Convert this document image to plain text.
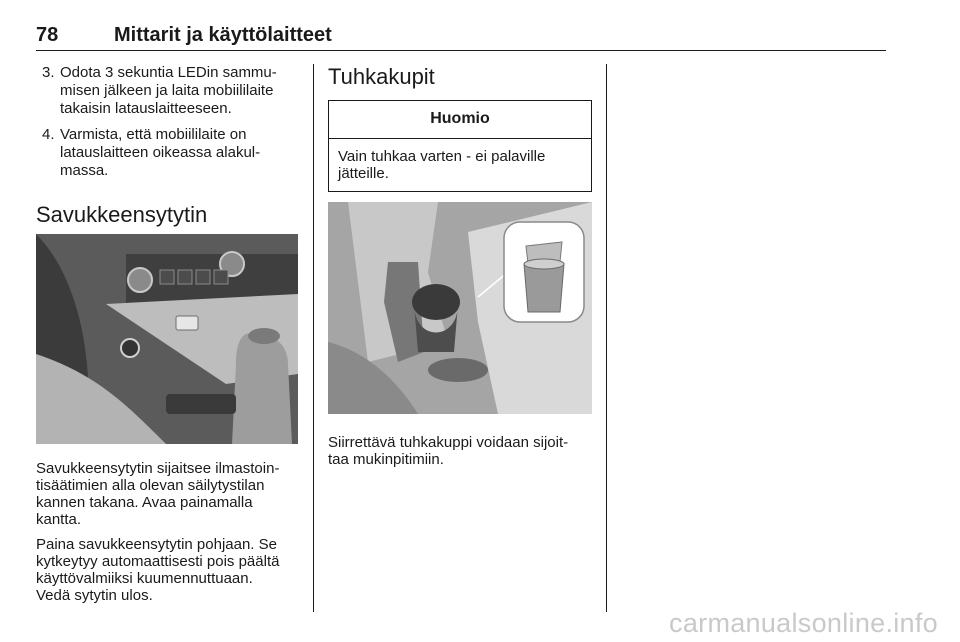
78	Mittarit ja käyttölaitteet
3. Odota 3 sekuntia LEDin sammu-
misen jälkeen ja laita mobiililaite
takaisin latauslaitteeseen.
4. Varmista, että mobiililaite on
latauslaitteen oikeassa alakul-
massa.
Savukkeensytytin

Savukkeensytytin sijaitsee ilmastoin-
tisäätimien alla olevan säilytystilan
kannen takana. Avaa painamalla
kantta.

Paina savukkeensytytin pohjaan. Se
kytkeytyy automaattisesti pois päältä
käyttövalmiiksi kuumennuttuaan.
Vedä sytytin ulos.

Tuhkakupit
Huomio
Vain tuhkaa varten - ei palaville
jätteille.

Siirrettävä tuhkakuppi voidaan sijoit-
taa mukinpitimiin.

carmanualsonline.info
